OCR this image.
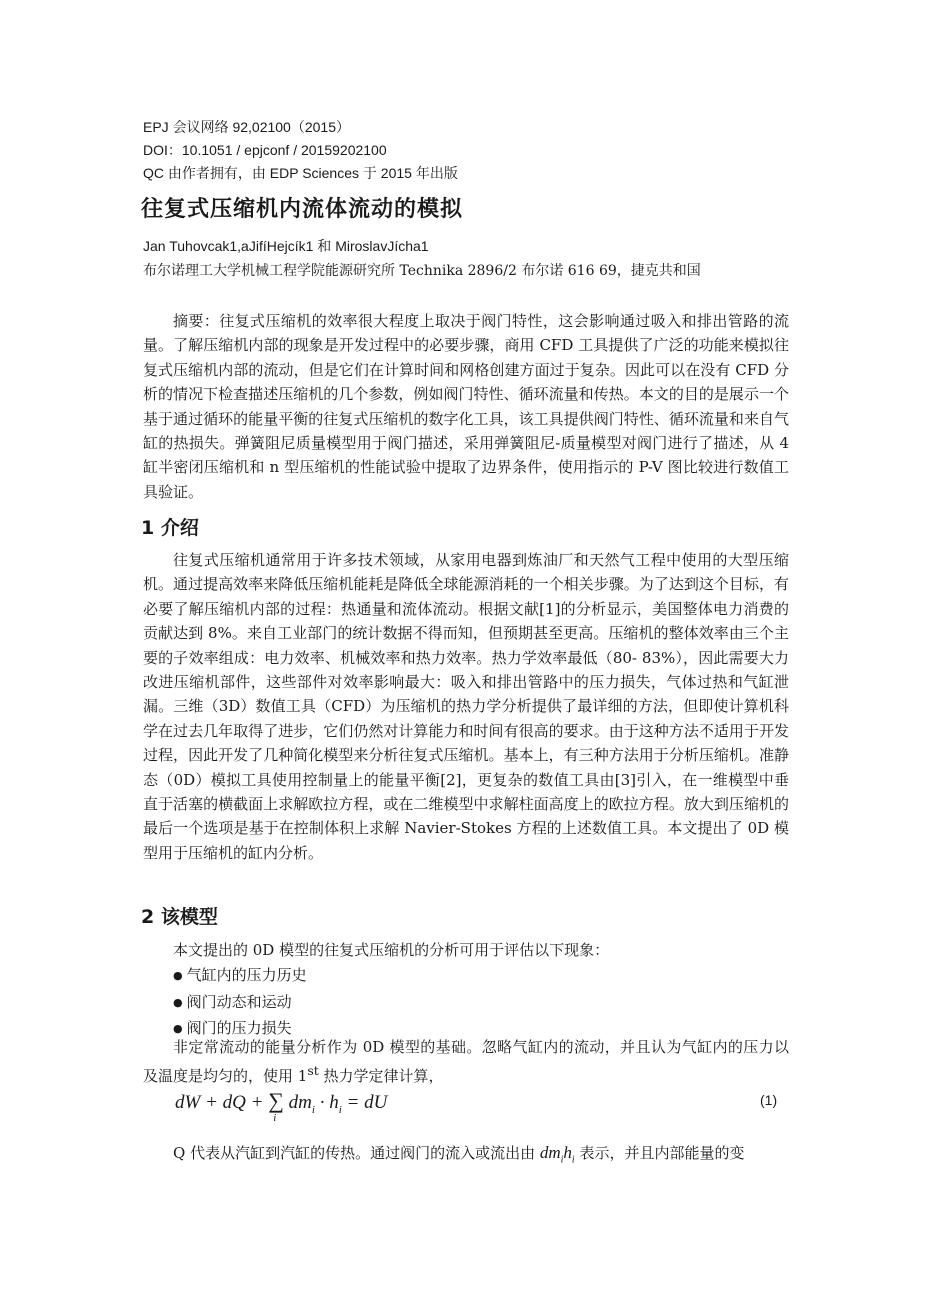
EPJ 会议网络 92,02100（2015）
DOI：10.1051 / epjconf / 20159202100
QC 由作者拥有，由 EDP Sciences 于 2015 年出版
往复式压缩机内流体流动的模拟
Jan Tuhovcak1,aJifíHejcík1 和 MiroslavJícha1
布尔诺理工大学机械工程学院能源研究所 Technika 2896/2 布尔诺 616 69，捷克共和国

摘要：往复式压缩机的效率很大程度上取决于阀门特性，这会影响通过吸入和排出管路的流量。了解压缩机内部的现象是开发过程中的必要步骤，商用 CFD 工具提供了广泛的功能来模拟往复式压缩机内部的流动，但是它们在计算时间和网格创建方面过于复杂。因此可以在没有 CFD 分析的情况下检查描述压缩机的几个参数，例如阀门特性、循环流量和传热。本文的目的是展示一个基于通过循环的能量平衡的往复式压缩机的数字化工具，该工具提供阀门特性、循环流量和来自气缸的热损失。弹簧阻尼质量模型用于阀门描述，采用弹簧阻尼-质量模型对阀门进行了描述，从 4 缸半密闭压缩机和 n 型压缩机的性能试验中提取了边界条件，使用指示的 P-V 图比较进行数值工具验证。

1 介绍

往复式压缩机通常用于许多技术领域，从家用电器到炼油厂和天然气工程中使用的大型压缩机。通过提高效率来降低压缩机能耗是降低全球能源消耗的一个相关步骤。为了达到这个目标，有必要了解压缩机内部的过程：热通量和流体流动。根据文献[1]的分析显示，美国整体电力消费的贡献达到 8%。来自工业部门的统计数据不得而知，但预期甚至更高。压缩机的整体效率由三个主要的子效率组成：电力效率、机械效率和热力效率。热力学效率最低（80- 83%），因此需要大力改进压缩机部件，这些部件对效率影响最大：吸入和排出管路中的压力损失，气体过热和气缸泄漏。三维（3D）数值工具（CFD）为压缩机的热力学分析提供了最详细的方法，但即使计算机科学在过去几年取得了进步，它们仍然对计算能力和时间有很高的要求。由于这种方法不适用于开发过程，因此开发了几种简化模型来分析往复式压缩机。基本上，有三种方法用于分析压缩机。准静态（0D）模拟工具使用控制量上的能量平衡[2]，更复杂的数值工具由[3]引入，在一维模型中垂直于活塞的横截面上求解欧拉方程，或在二维模型中求解柱面高度上的欧拉方程。放大到压缩机的最后一个选项是基于在控制体积上求解 Navier-Stokes 方程的上述数值工具。本文提出了 0D 模型用于压缩机的缸内分析。

2 该模型

本文提出的 0D 模型的往复式压缩机的分析可用于评估以下现象：

● 气缸内的压力历史
● 阀门动态和运动
● 阀门的压力损失

非定常流动的能量分析作为 0D 模型的基础。忽略气缸内的流动，并且认为气缸内的压力以及温度是均匀的，使用 1st 热力学定律计算，

dW + dQ + ∑
i
$dm_i \cdot h_i$ = dU	(1)
Q 代表从汽缸到汽缸的传热。通过阀门的流入或流出由 $dm_ih_i$ 表示，并且内部能量的变
